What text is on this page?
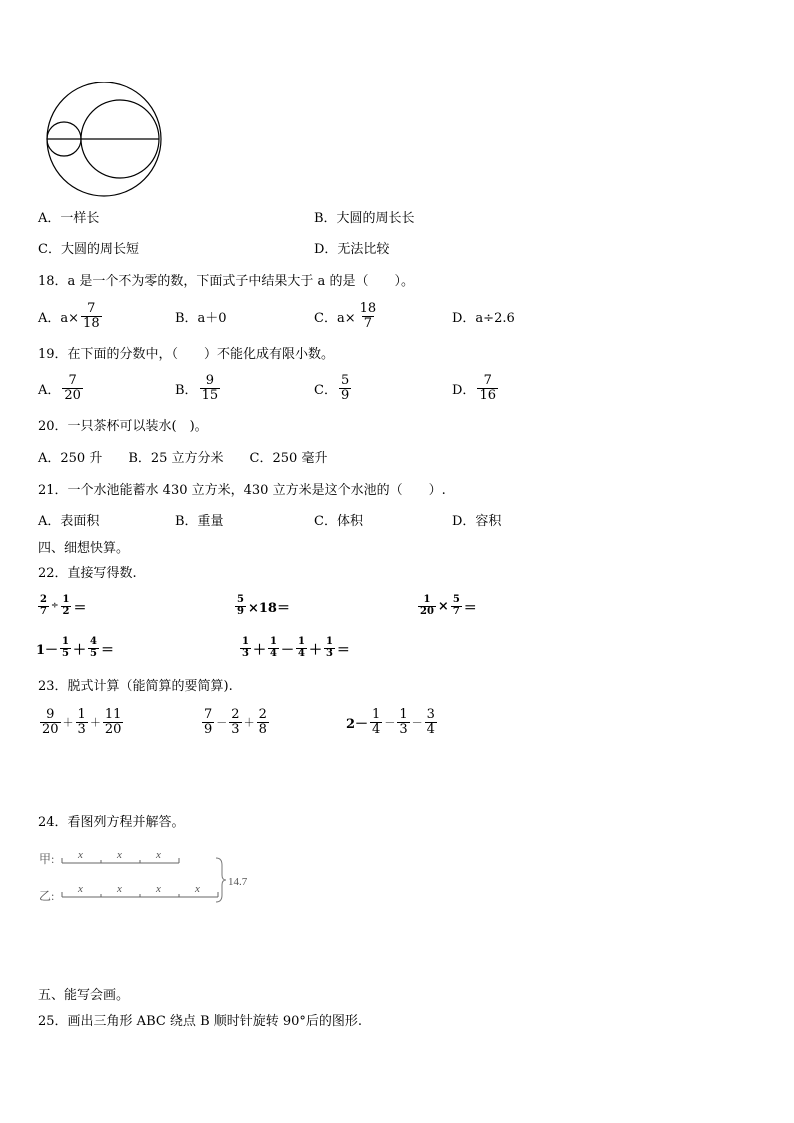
A．一样长	B．大圆的周长长
C．大圆的周长短	D．无法比较
18．a 是一个不为零的数，下面式子中结果大于 a 的是（　　）。
A．$a\times \frac{7}{18}$	B．a＋0	C．$a\times \frac{18}{7}$	D．a÷2.6
19．在下面的分数中，（　　）不能化成有限小数。
A． $\frac{7}{20}$	B． $\frac{9}{15}$	C． $\frac{5}{9}$	D． $\frac{7}{16}$
20．一只茶杯可以装水(　)。
A．250 升　　B．25 立方分米　　C．250 毫升
21．一个水池能蓄水 430 立方米，430 立方米是这个水池的（　　）.
A．表面积	B．重量	C．体积	D．容积
四、细想快算。
22．直接写得数.
$\frac{2}{7} \div \frac{1}{2}$ ＝	$\frac{5}{9} \times 18=$	$\frac{1}{20} \times \frac{5}{7}$ ＝
$1- \frac{1}{5} + \frac{4}{5}$ ＝	$\frac{1}{3} + \frac{1}{4} - \frac{1}{4} + \frac{1}{3}$ ＝
23．脱式计算（能简算的要简算).
$\frac{9}{20} + \frac{1}{3} + \frac{11}{20}$	$\frac{7}{9} - \frac{2}{3} + \frac{2}{8}$	$2- \frac{1}{4} - \frac{1}{3} - \frac{3}{4}$
24．看图列方程并解答。
甲:
乙:
x	x	x
x	x	x	x
14.7
五、能写会画。
25．画出三角形 ABC 绕点 B 顺时针旋转 90°后的图形.
